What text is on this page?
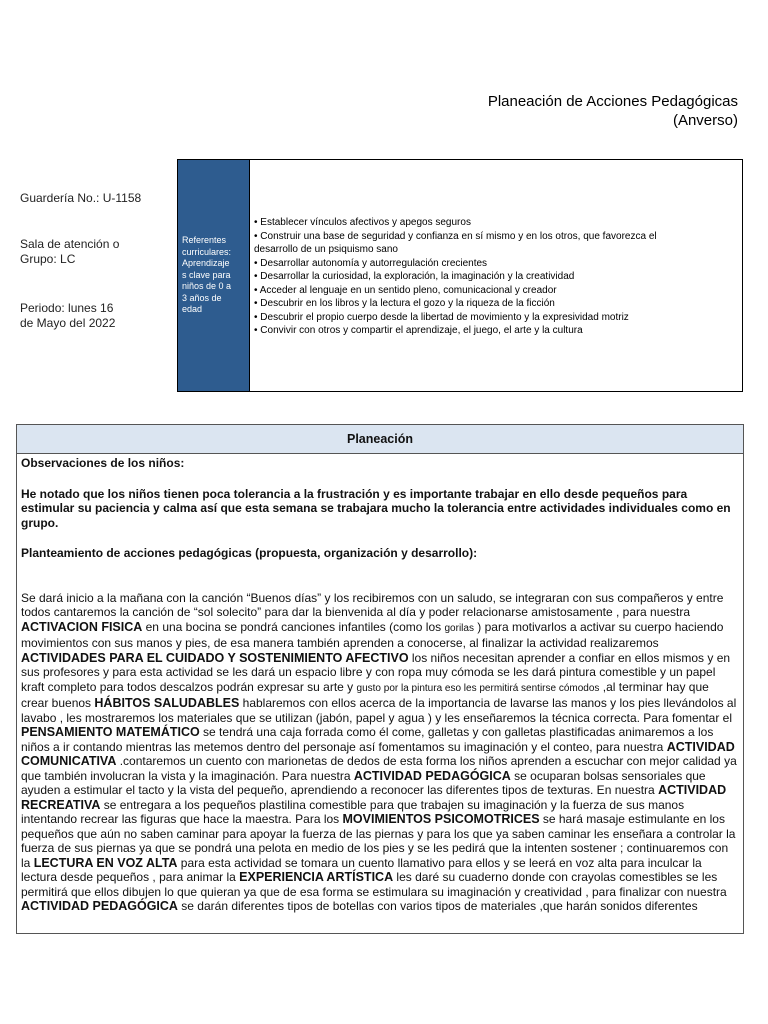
Planeación de Acciones Pedagógicas
(Anverso)
Guardería No.: U-1158
Sala de atención o
Grupo: LC
Periodo: lunes 16
de Mayo del 2022
Referentes
curriculares:
Aprendizaje
s clave para
niños de 0 a
3 años de
edad
• Establecer vínculos afectivos y apegos seguros
• Construir una base de seguridad y confianza en sí mismo y en los otros, que favorezca el
desarrollo de un psiquismo sano
• Desarrollar autonomía y autorregulación crecientes
• Desarrollar la curiosidad, la exploración, la imaginación y la creatividad
• Acceder al lenguaje en un sentido pleno, comunicacional y creador
• Descubrir en los libros y la lectura el gozo y la riqueza de la ficción
• Descubrir el propio cuerpo desde la libertad de movimiento y la expresividad motriz
• Convivir con otros y compartir el aprendizaje, el juego, el arte y la cultura
Planeación

Observaciones de los niños:

He notado que los niños tienen poca tolerancia a la frustración y es importante trabajar en ello desde pequeños para estimular su paciencia y calma así que esta semana se trabajara mucho la tolerancia entre actividades individuales como en grupo.

Planteamiento de acciones pedagógicas (propuesta, organización y desarrollo):

Se dará inicio a la mañana con la canción “Buenos días” y los recibiremos con un saludo, se integraran con sus compañeros y entre todos cantaremos la canción de “sol solecito” para dar la bienvenida al día y poder relacionarse amistosamente , para nuestra ACTIVACION FISICA en una bocina se pondrá canciones infantiles (como los gorilas ) para motivarlos a activar su cuerpo haciendo movimientos con sus manos y pies, de esa manera también aprenden a conocerse, al finalizar la actividad realizaremos ACTIVIDADES PARA EL CUIDADO Y SOSTENIMIENTO AFECTIVO los niños necesitan aprender a confiar en ellos mismos y en sus profesores y para esta actividad se les dará un espacio libre y con ropa muy cómoda se les dará pintura comestible y un papel kraft completo para todos descalzos podrán expresar su arte y gusto por la pintura eso les permitirá sentirse cómodos ,al terminar hay que crear buenos HÁBITOS SALUDABLES hablaremos con ellos acerca de la importancia de lavarse las manos y los pies llevándolos al lavabo , les mostraremos los materiales que se utilizan (jabón, papel y agua ) y les enseñaremos la técnica correcta. Para fomentar el PENSAMIENTO MATEMÁTICO se tendrá una caja forrada como él come, galletas y con galletas plastificadas animaremos a los niños a ir contando mientras las metemos dentro del personaje así fomentamos su imaginación y el conteo, para nuestra ACTIVIDAD COMUNICATIVA .contaremos un cuento con marionetas de dedos de esta forma los niños aprenden a escuchar con mejor calidad ya que también involucran la vista y la imaginación. Para nuestra ACTIVIDAD PEDAGÓGICA se ocuparan bolsas sensoriales que ayuden a estimular el tacto y la vista del pequeño, aprendiendo a reconocer las diferentes tipos de texturas. En nuestra ACTIVIDAD RECREATIVA se entregara a los pequeños plastilina comestible para que trabajen su imaginación y la fuerza de sus manos intentando recrear las figuras que hace la maestra. Para los MOVIMIENTOS PSICOMOTRICES se hará masaje estimulante en los pequeños que aún no saben caminar para apoyar la fuerza de las piernas y para los que ya saben caminar les enseñara a controlar la fuerza de sus piernas ya que se pondrá una pelota en medio de los pies y se les pedirá que la intenten sostener ; continuaremos con la LECTURA EN VOZ ALTA para esta actividad se tomara un cuento llamativo para ellos y se leerá en voz alta para inculcar la lectura desde pequeños , para animar la EXPERIENCIA ARTÍSTICA les daré su cuaderno donde con crayolas comestibles se les permitirá que ellos dibujen lo que quieran ya que de esa forma se estimulara su imaginación y creatividad , para finalizar con nuestra ACTIVIDAD PEDAGÓGICA se darán diferentes tipos de botellas con varios tipos de materiales ,que harán sonidos diferentes
